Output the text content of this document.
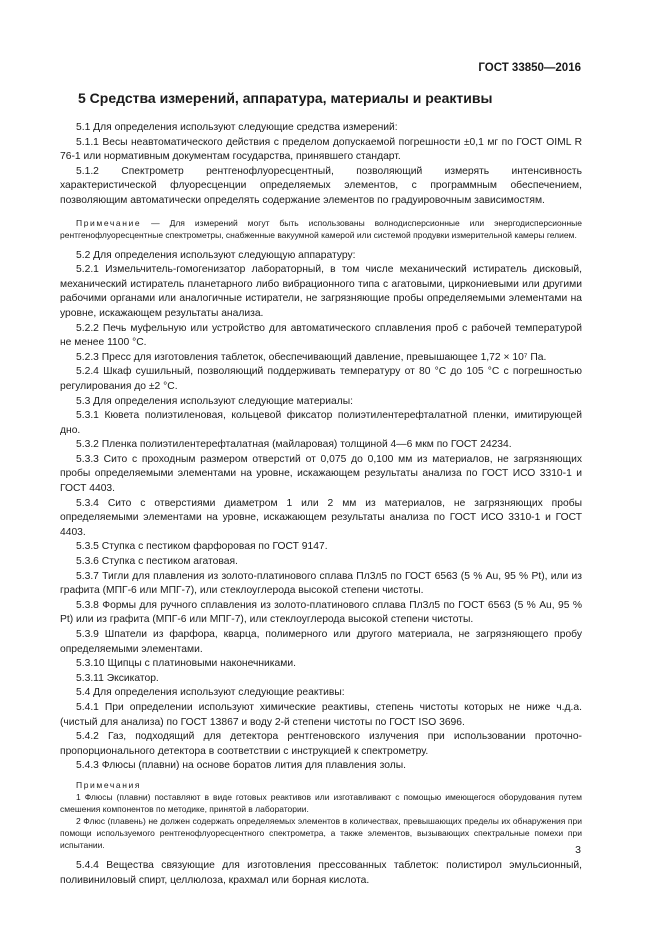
ГОСТ 33850—2016
5 Средства измерений, аппаратура, материалы и реактивы

5.1 Для определения используют следующие средства измерений:

5.1.1 Весы неавтоматического действия с пределом допускаемой погрешности ±0,1 мг по ГОСТ OIML R 76-1 или нормативным документам государства, принявшего стандарт.

5.1.2 Спектрометр рентгенофлуоресцентный, позволяющий измерять интенсивность характеристической флуоресценции определяемых элементов, с программным обеспечением, позволяющим автоматически определять содержание элементов по градуировочным зависимостям.

Примечание — Для измерений могут быть использованы волнодисперсионные или энергодисперсионные рентгенофлуоресцентные спектрометры, снабженные вакуумной камерой или системой продувки измерительной камеры гелием.

5.2 Для определения используют следующую аппаратуру:

5.2.1 Измельчитель-гомогенизатор лабораторный, в том числе механический истиратель дисковый, механический истиратель планетарного либо вибрационного типа с агатовыми, циркониевыми или другими рабочими органами или аналогичные истиратели, не загрязняющие пробы определяемыми элементами на уровне, искажающем результаты анализа.

5.2.2 Печь муфельную или устройство для автоматического сплавления проб с рабочей температурой не менее 1100 °С.

5.2.3 Пресс для изготовления таблеток, обеспечивающий давление, превышающее 1,72 × 10⁷ Па.

5.2.4 Шкаф сушильный, позволяющий поддерживать температуру от 80 °С до 105 °С с погрешностью регулирования до ±2 °С.

5.3 Для определения используют следующие материалы:

5.3.1 Кювета полиэтиленовая, кольцевой фиксатор полиэтилентерефталатной пленки, имитирующей дно.

5.3.2 Пленка полиэтилентерефталатная (майларовая) толщиной 4—6 мкм по ГОСТ 24234.

5.3.3 Сито с проходным размером отверстий от 0,075 до 0,100 мм из материалов, не загрязняющих пробы определяемыми элементами на уровне, искажающем результаты анализа по ГОСТ ИСО 3310-1 и ГОСТ 4403.

5.3.4 Сито с отверстиями диаметром 1 или 2 мм из материалов, не загрязняющих пробы определяемыми элементами на уровне, искажающем результаты анализа по ГОСТ ИСО 3310-1 и ГОСТ 4403.

5.3.5 Ступка с пестиком фарфоровая по ГОСТ 9147.

5.3.6 Ступка с пестиком агатовая.

5.3.7 Тигли для плавления из золото-платинового сплава Пл3л5 по ГОСТ 6563 (5 % Au, 95 % Pt), или из графита (МПГ-6 или МПГ-7), или стеклоуглерода высокой степени чистоты.

5.3.8 Формы для ручного сплавления из золото-платинового сплава Пл3л5 по ГОСТ 6563 (5 % Au, 95 % Pt) или из графита (МПГ-6 или МПГ-7), или стеклоуглерода высокой степени чистоты.

5.3.9 Шпатели из фарфора, кварца, полимерного или другого материала, не загрязняющего пробу определяемыми элементами.

5.3.10 Щипцы с платиновыми наконечниками.

5.3.11 Эксикатор.

5.4 Для определения используют следующие реактивы:

5.4.1 При определении используют химические реактивы, степень чистоты которых не ниже ч.д.а. (чистый для анализа) по ГОСТ 13867 и воду 2-й степени чистоты по ГОСТ ISO 3696.

5.4.2 Газ, подходящий для детектора рентгеновского излучения при использовании проточно-пропорционального детектора в соответствии с инструкцией к спектрометру.

5.4.3 Флюсы (плавни) на основе боратов лития для плавления золы.

Примечания

1 Флюсы (плавни) поставляют в виде готовых реактивов или изготавливают с помощью имеющегося оборудования путем смешения компонентов по методике, принятой в лаборатории.

2 Флюс (плавень) не должен содержать определяемых элементов в количествах, превышающих пределы их обнаружения при помощи используемого рентгенофлуоресцентного спектрометра, а также элементов, вызывающих спектральные помехи при испытании.

5.4.4 Вещества связующие для изготовления прессованных таблеток: полистирол эмульсионный, поливиниловый спирт, целлюлоза, крахмал или борная кислота.

3
